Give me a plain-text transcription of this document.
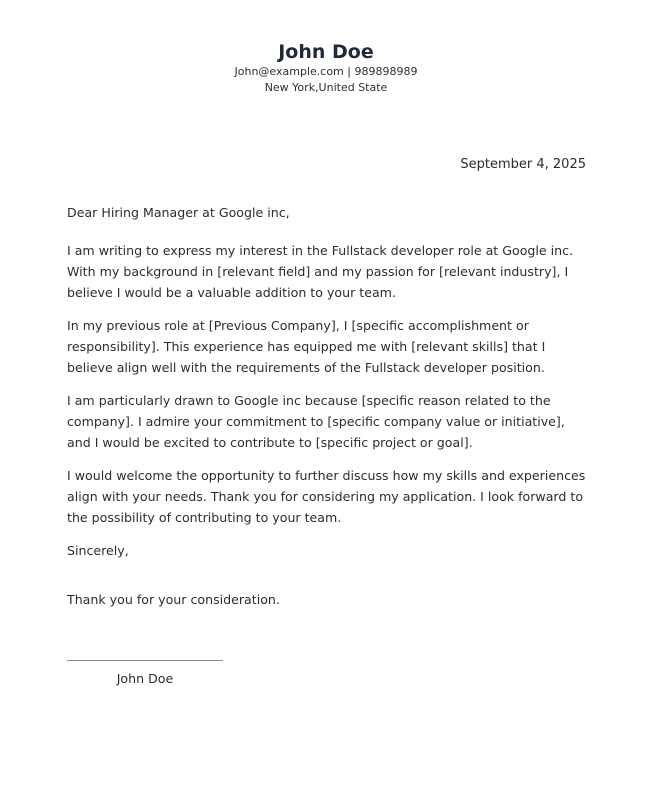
John Doe
John@example.com | 989898989
New York,United State
September 4, 2025

Dear Hiring Manager at Google inc,

I am writing to express my interest in the Fullstack developer role at Google inc. With my background in [relevant field] and my passion for [relevant industry], I believe I would be a valuable addition to your team.

In my previous role at [Previous Company], I [specific accomplishment or responsibility]. This experience has equipped me with [relevant skills] that I believe align well with the requirements of the Fullstack developer position.

I am particularly drawn to Google inc because [specific reason related to the company]. I admire your commitment to [specific company value or initiative], and I would be excited to contribute to [specific project or goal].

I would welcome the opportunity to further discuss how my skills and experiences align with your needs. Thank you for considering my application. I look forward to the possibility of contributing to your team.

Sincerely,

Thank you for your consideration.

John Doe
